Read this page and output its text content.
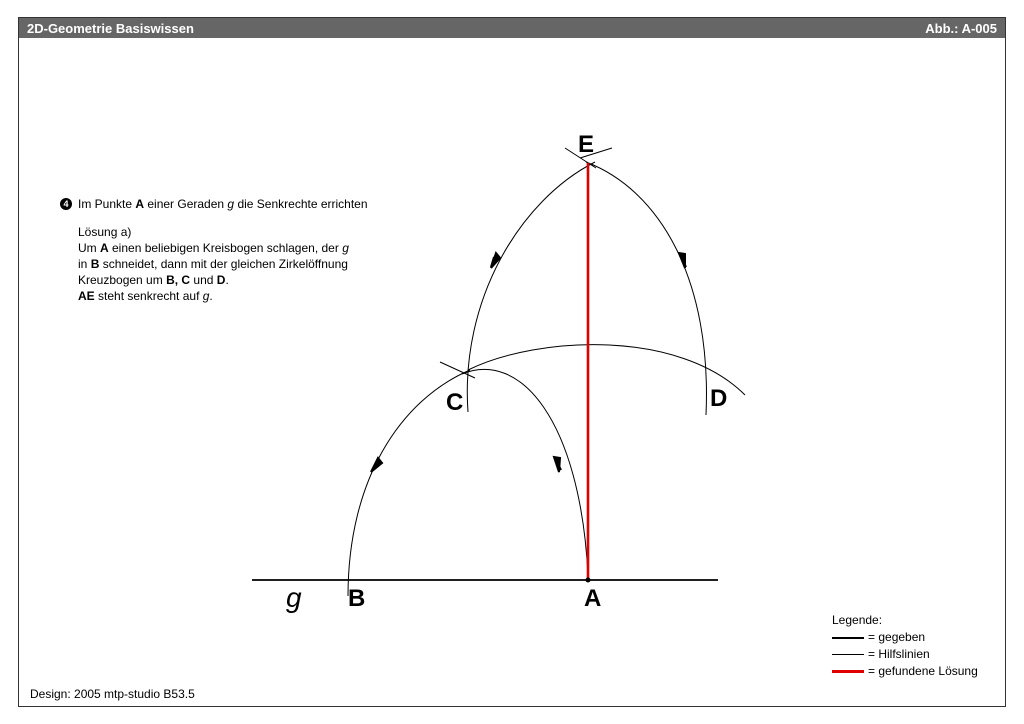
2D-Geometrie Basiswissen	Abb.: A-005
E
C	D
B	A
g
4 Im Punkte A einer Geraden g die Senkrechte errichten
Lösung a)
Um A einen beliebigen Kreisbogen schlagen, der g
in B schneidet, dann mit der gleichen Zirkelöffnung
Kreuzbogen um B, C und D.
AE steht senkrecht auf g.
Legende:
= gegeben
= Hilfslinien
= gefundene Lösung
Design: 2005 mtp-studio B53.5
